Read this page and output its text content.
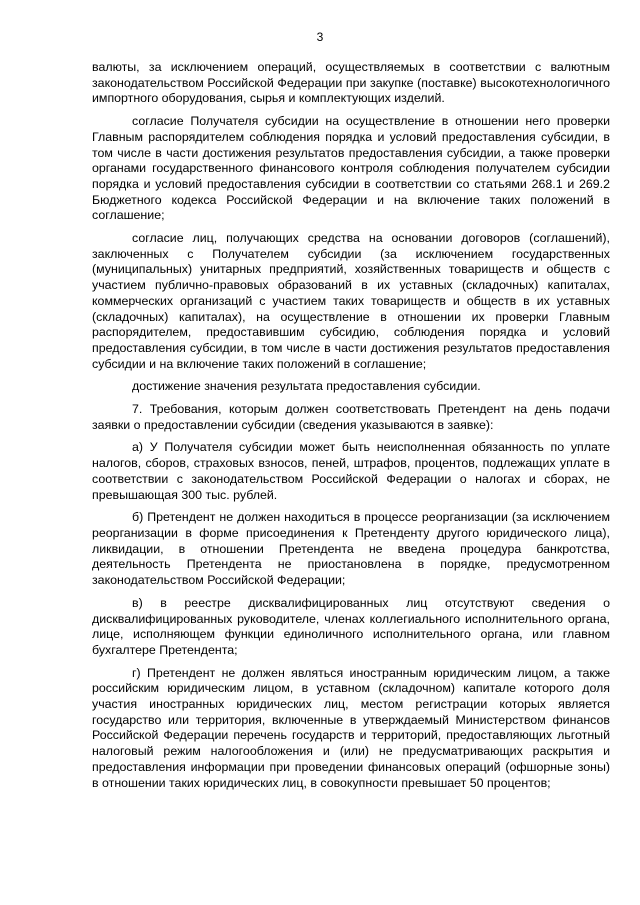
3

валюты, за исключением операций, осуществляемых в соответствии с валютным законодательством Российской Федерации при закупке (поставке) высокотехнологичного импортного оборудования, сырья и комплектующих изделий.

согласие Получателя субсидии на осуществление в отношении него проверки Главным распорядителем соблюдения порядка и условий предоставления субсидии, в том числе в части достижения результатов предоставления субсидии, а также проверки органами государственного финансового контроля соблюдения получателем субсидии порядка и условий предоставления субсидии в соответствии со статьями 268.1 и 269.2 Бюджетного кодекса Российской Федерации и на включение таких положений в соглашение;

согласие лиц, получающих средства на основании договоров (соглашений), заключенных с Получателем субсидии (за исключением государственных (муниципальных) унитарных предприятий, хозяйственных товариществ и обществ с участием публично-правовых образований в их уставных (складочных) капиталах, коммерческих организаций с участием таких товариществ и обществ в их уставных (складочных) капиталах), на осуществление в отношении их проверки Главным распорядителем, предоставившим субсидию, соблюдения порядка и условий предоставления субсидии, в том числе в части достижения результатов предоставления субсидии и на включение таких положений в соглашение;

достижение значения результата предоставления субсидии.

7. Требования, которым должен соответствовать Претендент на день подачи заявки о предоставлении субсидии (сведения указываются в заявке):

а) У Получателя субсидии может быть неисполненная обязанность по уплате налогов, сборов, страховых взносов, пеней, штрафов, процентов, подлежащих уплате в соответствии с законодательством Российской Федерации о налогах и сборах, не превышающая 300 тыс. рублей.

б) Претендент не должен находиться в процессе реорганизации (за исключением реорганизации в форме присоединения к Претенденту другого юридического лица), ликвидации, в отношении Претендента не введена процедура банкротства, деятельность Претендента не приостановлена в порядке, предусмотренном законодательством Российской Федерации;

в) в реестре дисквалифицированных лиц отсутствуют сведения о дисквалифицированных руководителе, членах коллегиального исполнительного органа, лице, исполняющем функции единоличного исполнительного органа, или главном бухгалтере Претендента;

г) Претендент не должен являться иностранным юридическим лицом, а также российским юридическим лицом, в уставном (складочном) капитале которого доля участия иностранных юридических лиц, местом регистрации которых является государство или территория, включенные в утверждаемый Министерством финансов Российской Федерации перечень государств и территорий, предоставляющих льготный налоговый режим налогообложения и (или) не предусматривающих раскрытия и предоставления информации при проведении финансовых операций (офшорные зоны) в отношении таких юридических лиц, в совокупности превышает 50 процентов;
